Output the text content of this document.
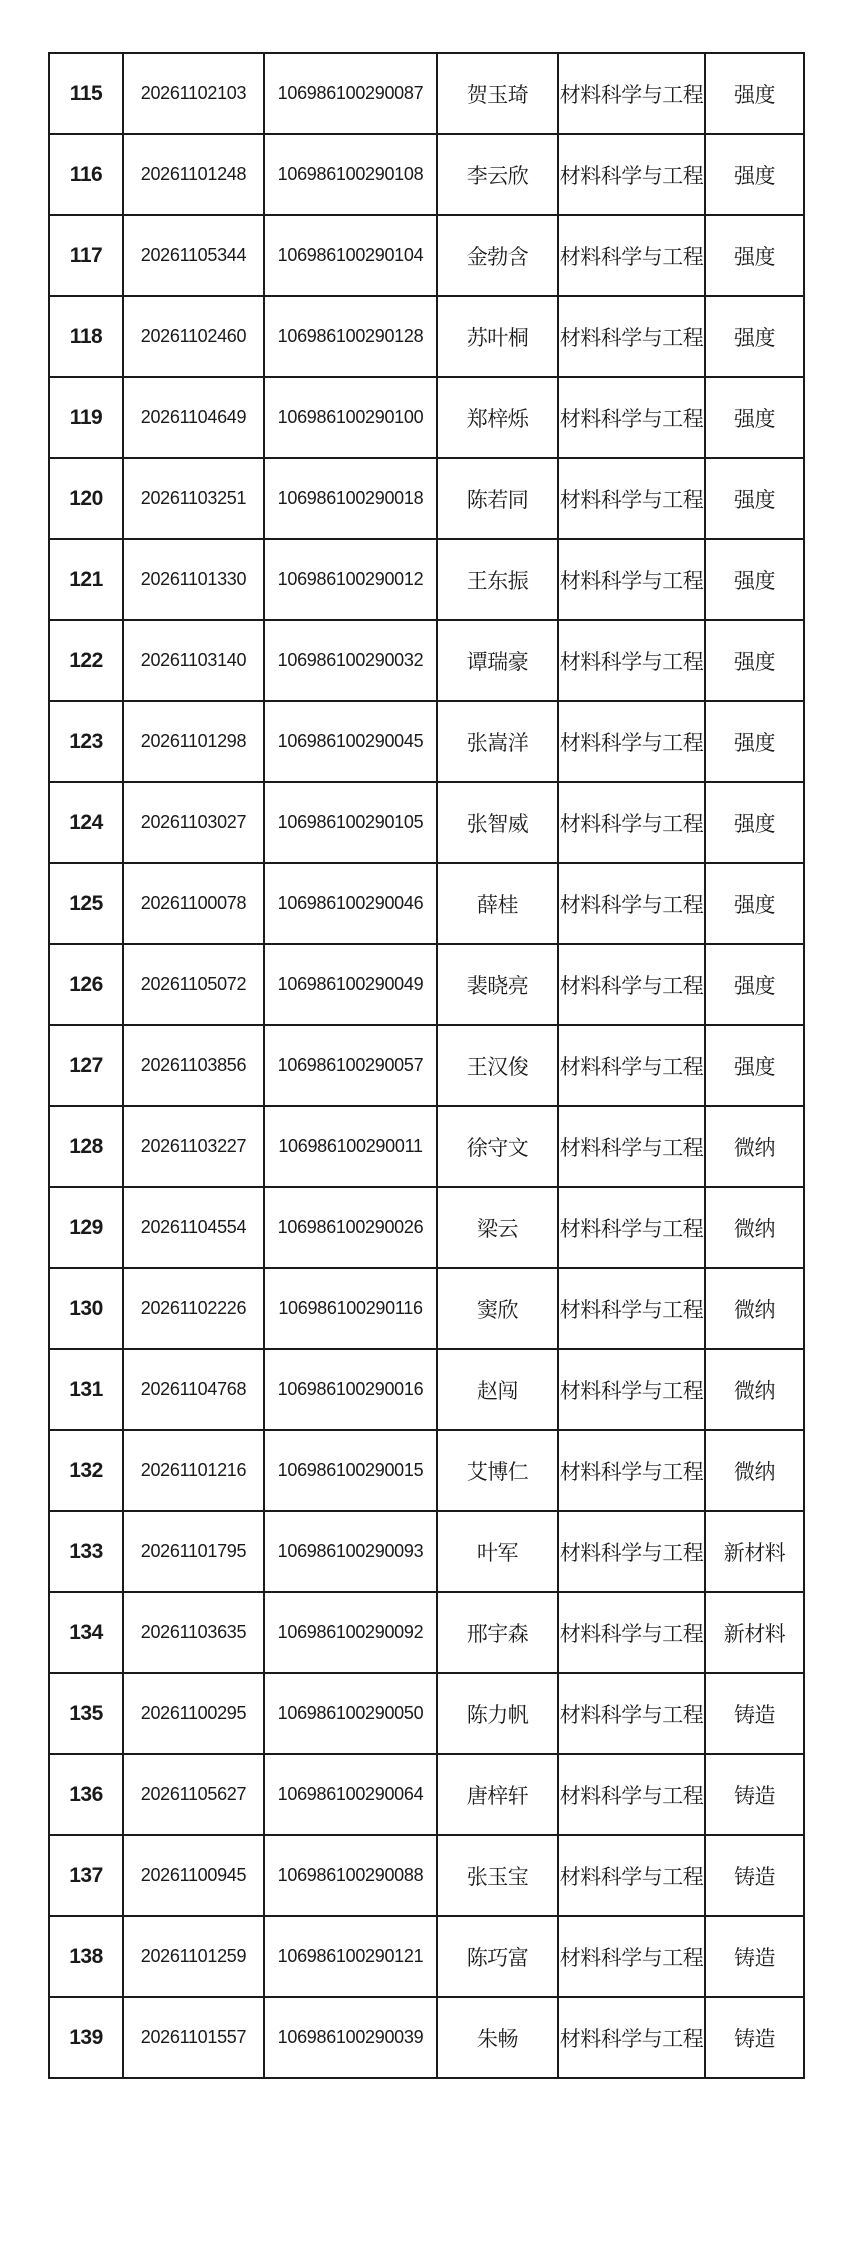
115	20261102103	106986100290087	贺玉琦	材料科学与工程	强度
116	20261101248	106986100290108	李云欣	材料科学与工程	强度
117	20261105344	106986100290104	金勃含	材料科学与工程	强度
118	20261102460	106986100290128	苏叶桐	材料科学与工程	强度
119	20261104649	106986100290100	郑梓烁	材料科学与工程	强度
120	20261103251	106986100290018	陈若同	材料科学与工程	强度
121	20261101330	106986100290012	王东振	材料科学与工程	强度
122	20261103140	106986100290032	谭瑞豪	材料科学与工程	强度
123	20261101298	106986100290045	张嵩洋	材料科学与工程	强度
124	20261103027	106986100290105	张智威	材料科学与工程	强度
125	20261100078	106986100290046	薛桂	材料科学与工程	强度
126	20261105072	106986100290049	裴晓亮	材料科学与工程	强度
127	20261103856	106986100290057	王汉俊	材料科学与工程	强度
128	20261103227	106986100290011	徐守文	材料科学与工程	微纳
129	20261104554	106986100290026	梁云	材料科学与工程	微纳
130	20261102226	106986100290116	窦欣	材料科学与工程	微纳
131	20261104768	106986100290016	赵闯	材料科学与工程	微纳
132	20261101216	106986100290015	艾博仁	材料科学与工程	微纳
133	20261101795	106986100290093	叶军	材料科学与工程	新材料
134	20261103635	106986100290092	邢宇森	材料科学与工程	新材料
135	20261100295	106986100290050	陈力帆	材料科学与工程	铸造
136	20261105627	106986100290064	唐梓轩	材料科学与工程	铸造
137	20261100945	106986100290088	张玉宝	材料科学与工程	铸造
138	20261101259	106986100290121	陈巧富	材料科学与工程	铸造
139	20261101557	106986100290039	朱畅	材料科学与工程	铸造
